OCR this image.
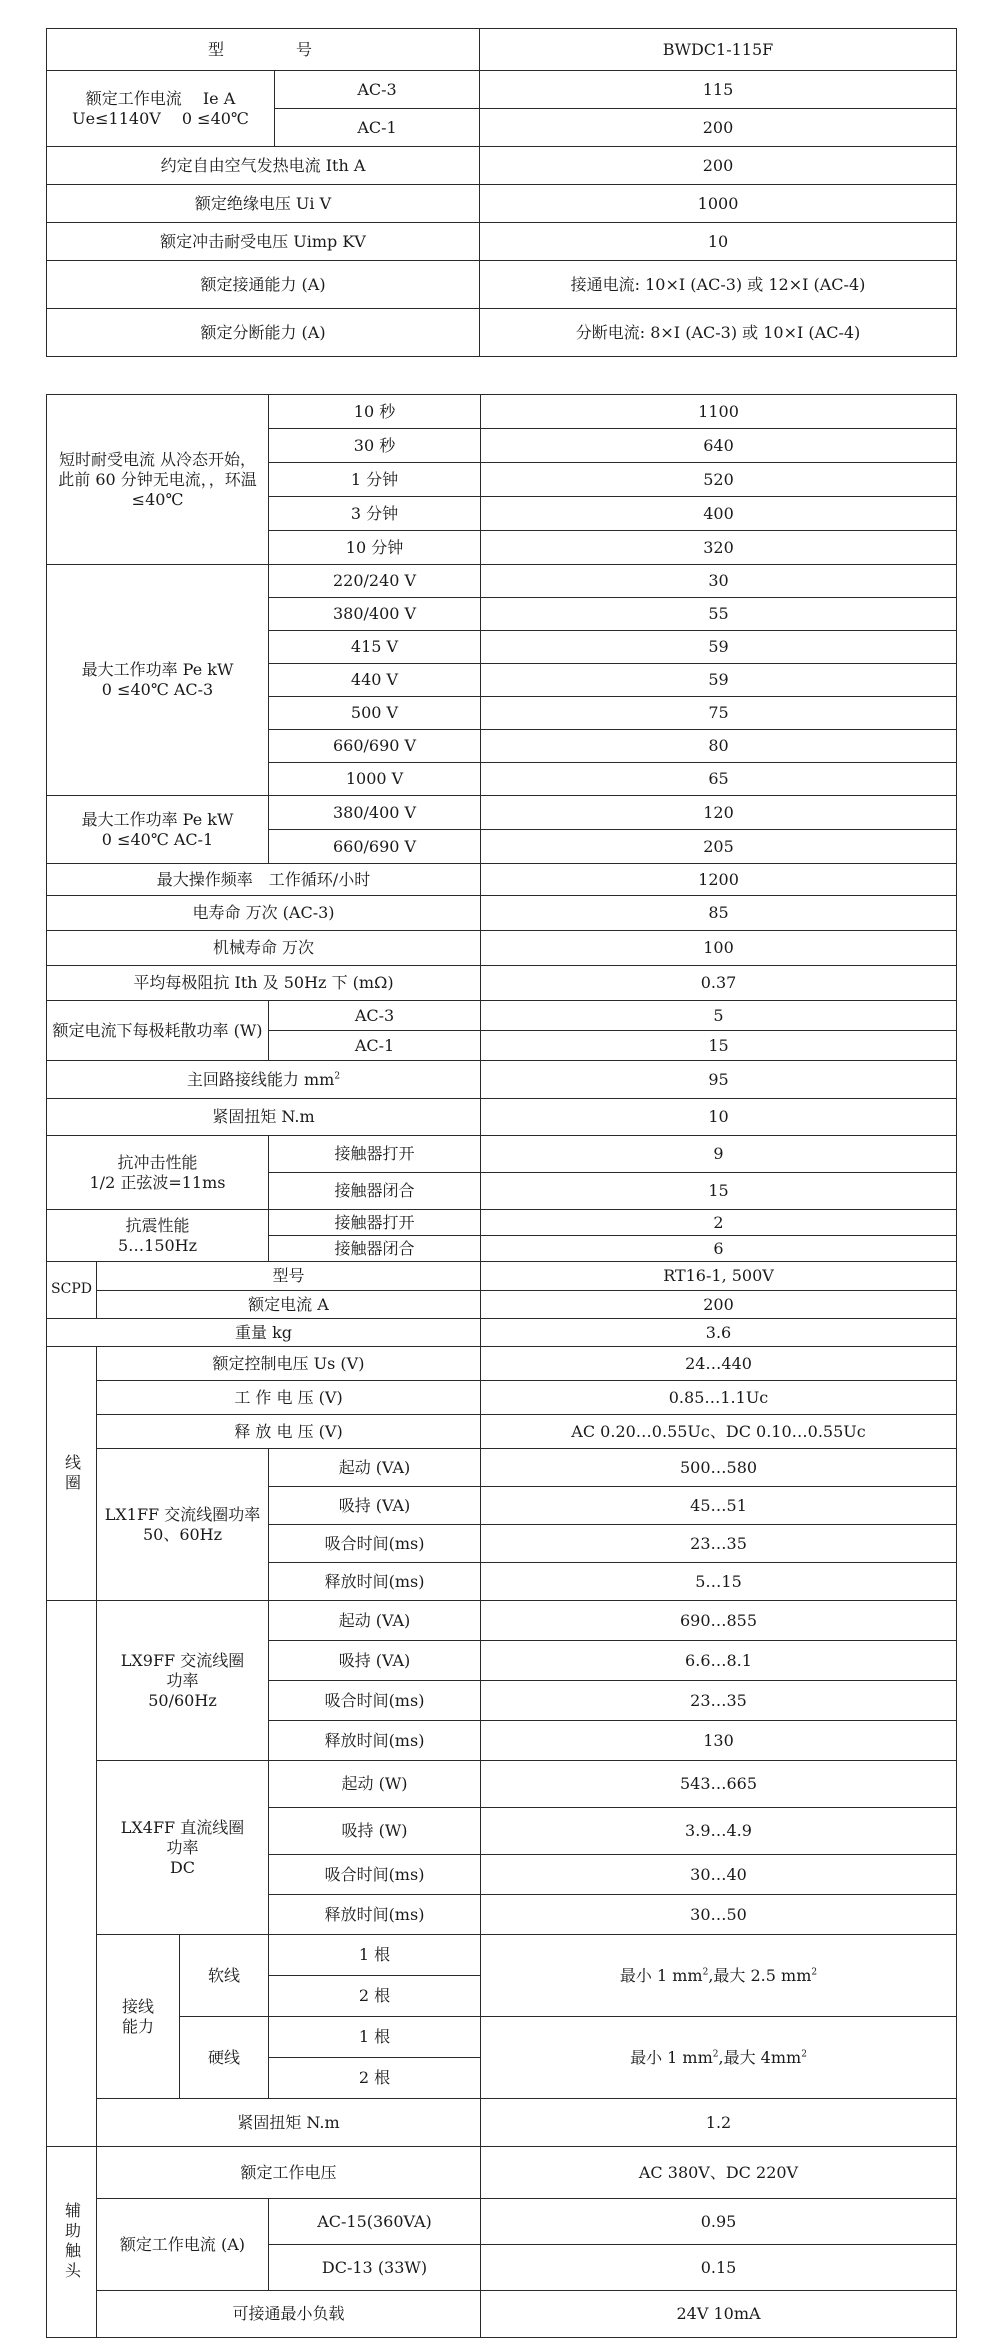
型　　　号		BWDC1-115F

额定工作电流　 Ie A
Ue≤1140V　 0 ≤40℃	AC-3	115
	AC-1	200
约定自由空气发热电流 Ith A		200
额定绝缘电压 Ui V		1000
额定冲击耐受电压 Uimp KV		10
额定接通能力 (A)		接通电流: 10×I (AC-3) 或 12×I (AC-4)
额定分断能力 (A)		分断电流: 8×I (AC-3) 或 10×I (AC-4)
短时耐受电流 从冷态开始，此前 60 分钟无电流，，环温≤40℃		10 秒	1100
		30 秒	640
		1 分钟	520
		3 分钟	400
		10 分钟	320

最大工作功率 Pe kW
0 ≤40℃ AC-3		220/240 V	30
		380/400 V	55
		415 V	59
		440 V	59
		500 V	75
		660/690 V	80
		1000 V	65

最大工作功率 Pe kW
0 ≤40℃ AC-1		380/400 V	120
		660/690 V	205
最大操作频率　工作循环/小时			1200
电寿命 万次 (AC-3)			85
机械寿命 万次			100
平均每极阻抗 Ith 及 50Hz 下 (mΩ)			0.37
额定电流下每极耗散功率 (W)		AC-3	5
		AC-1	15
主回路接线能力 $mm^2$			95
紧固扭矩 N.m			10

抗冲击性能
1/2 正弦波=11ms		接触器打开	9
		接触器闭合	15

抗震性能
5…150Hz		接触器打开	2
		接触器闭合	6
SCPD	型号		RT16-1, 500V
	额定电流 A		200
重量 kg			3.6
线圈	额定控制电压 Us (V)		24…440
	工 作 电 压 (V)		0.85…1.1Uc
	释 放 电 压 (V)		AC 0.20…0.55Uc、DC 0.10…0.55Uc
	LX1FF 交流线圈功率 50、60Hz	起动 (VA)	500…580
		吸持 (VA)	45…51
		吸合时间(ms)	23…35
		释放时间(ms)	5…15

	LX9FF 交流线圈
功率
50/60Hz		起动 (VA)	690…855
			吸持 (VA)	6.6…8.1
			吸合时间(ms)	23…35
			释放时间(ms)	130

	LX4FF 直流线圈
功率
DC		起动 (W)	543…665
			吸持 (W)	3.9…4.9
			吸合时间(ms)	30…40
			释放时间(ms)	30…50
	接线能力	软线	1 根	最小 1 $mm^2$,最大 2.5 $mm^2$
			2 根	
		硬线	1 根	最小 1 $mm^2$,最大 $4mm^2$
			2 根	
	紧固扭矩 N.m			1.2
辅助触头	额定工作电压			AC 380V、DC 220V
	额定工作电流 (A)		AC-15(360VA)	0.95
			DC-13 (33W)	0.15
	可接通最小负载			24V 10mA
